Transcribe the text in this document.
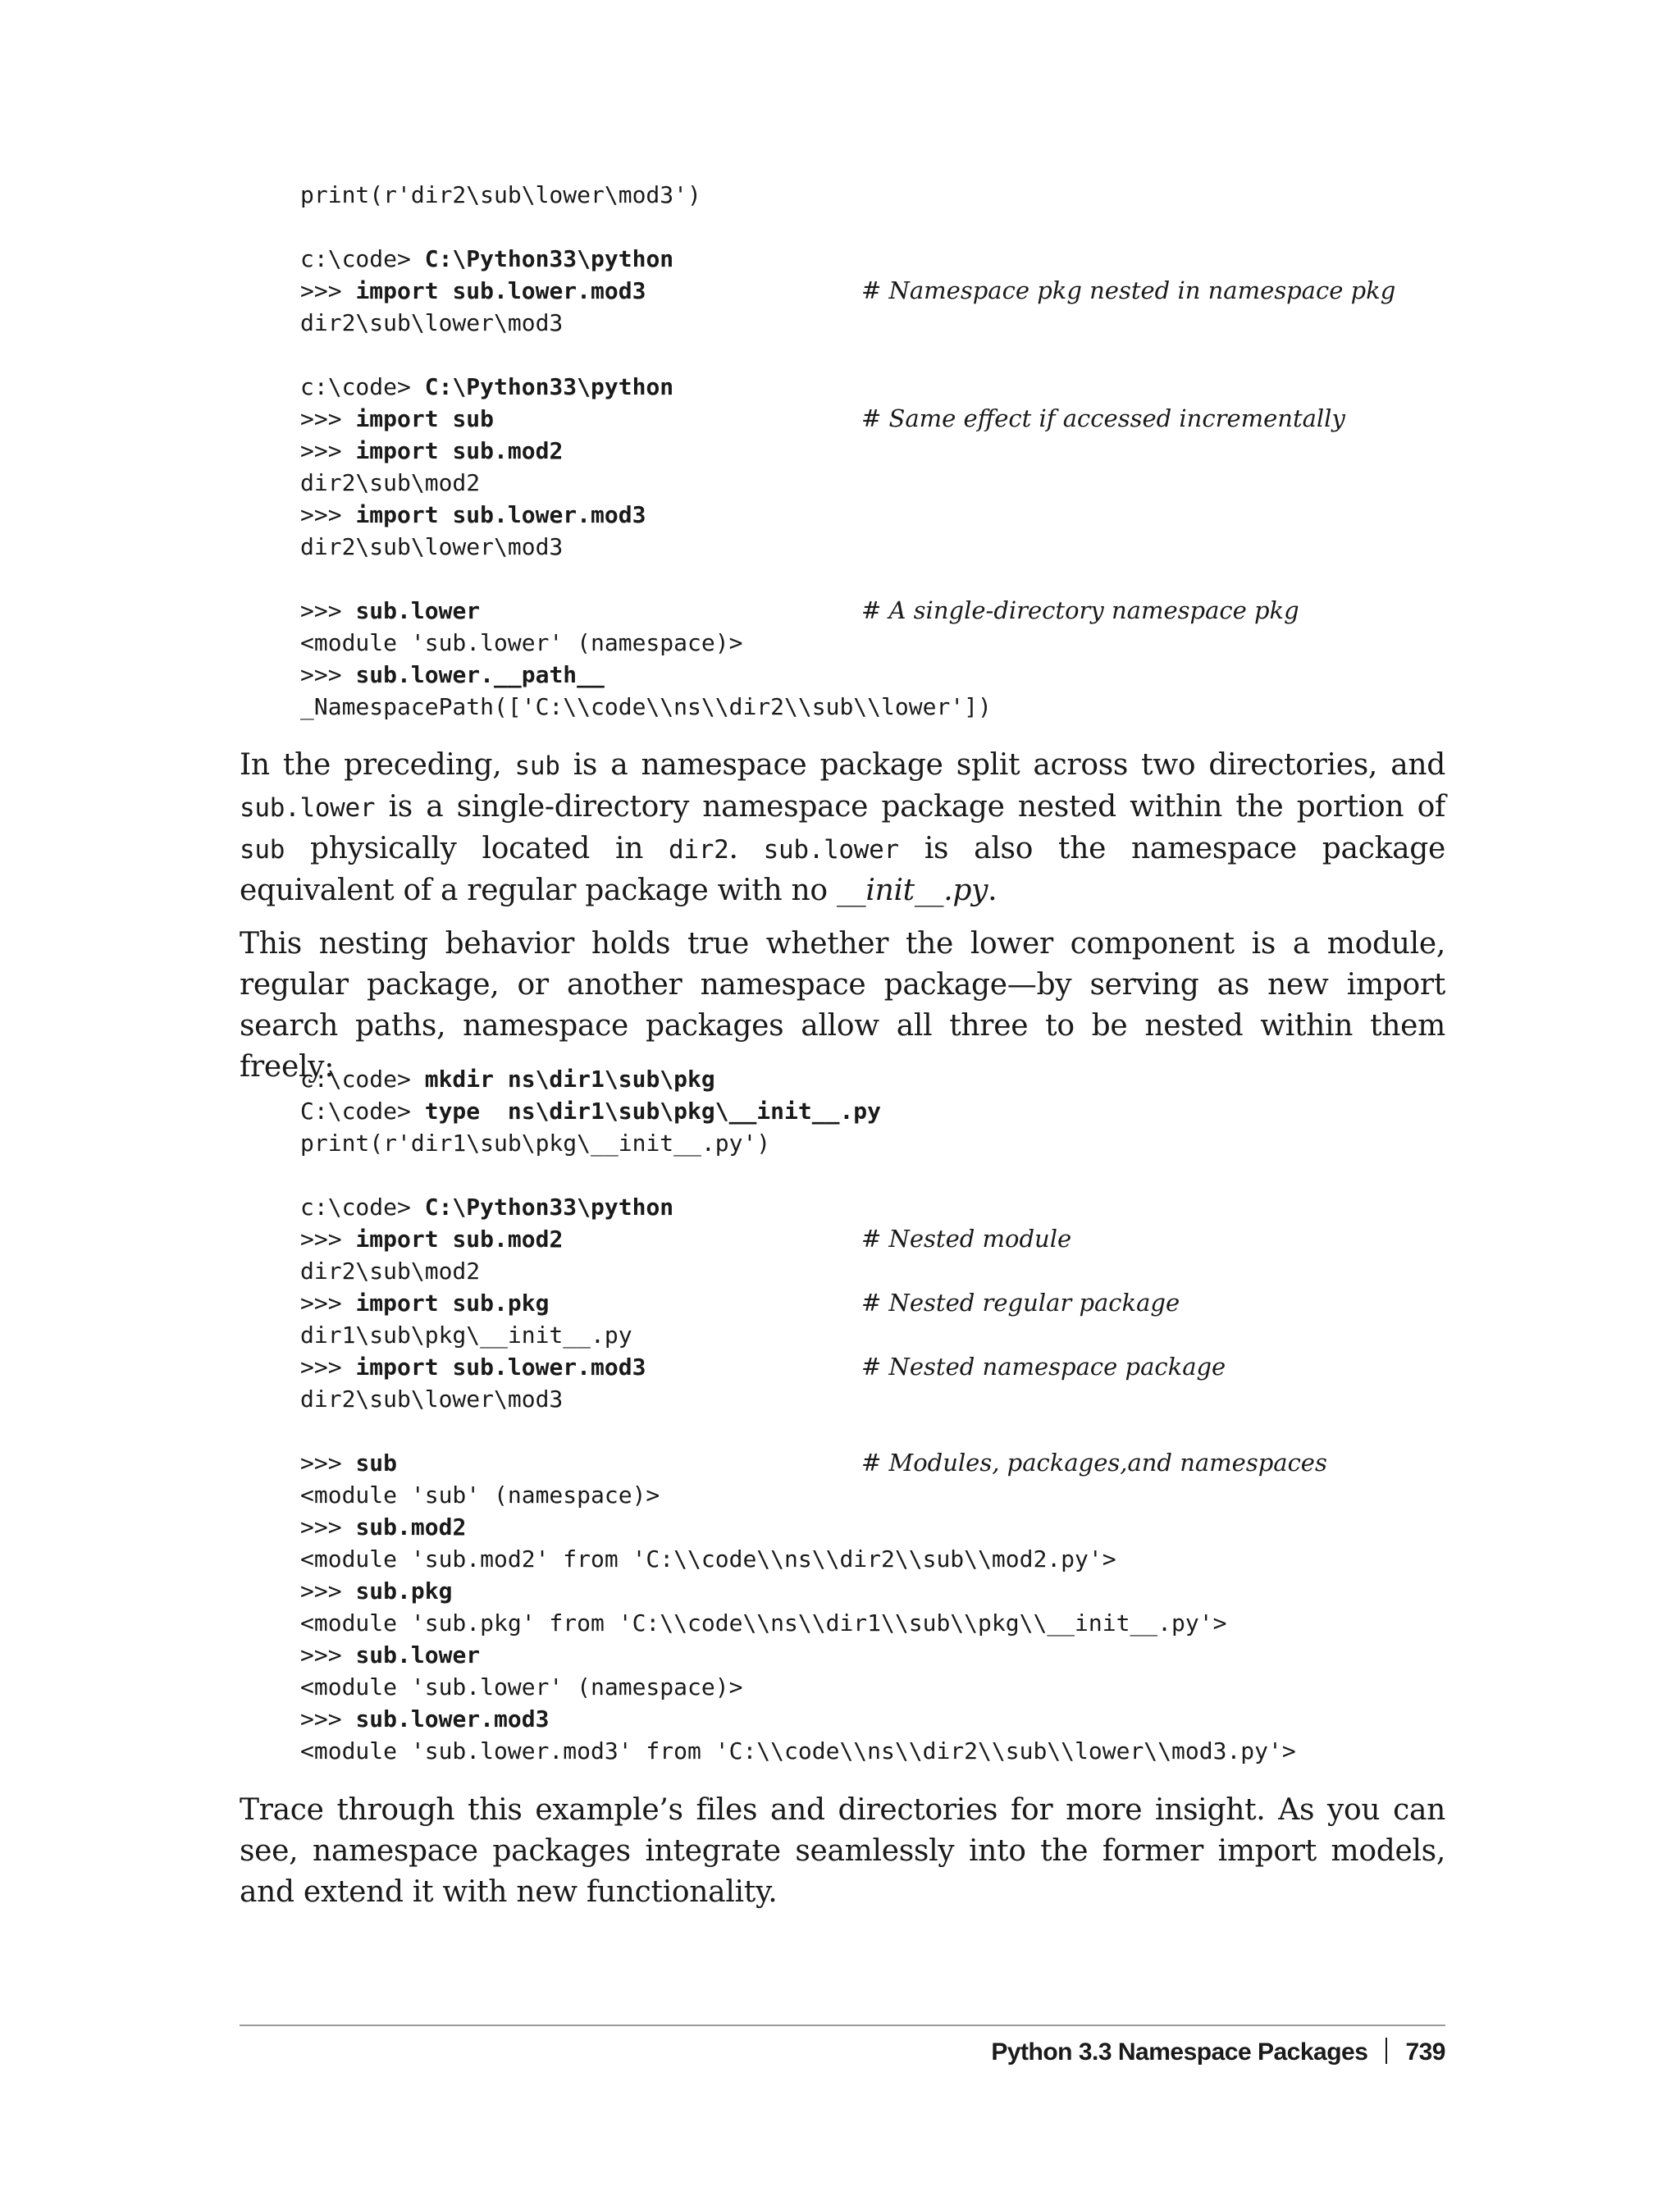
print(r'dir2\sub\lower\mod3')
c:\code> C:\Python33\python
>>> import sub.lower.mod3	# Namespace pkg nested in namespace pkg
dir2\sub\lower\mod3
c:\code> C:\Python33\python
>>> import sub	# Same effect if accessed incrementally
>>> import sub.mod2
dir2\sub\mod2
>>> import sub.lower.mod3
dir2\sub\lower\mod3
>>> sub.lower	# A single-directory namespace pkg
<module 'sub.lower' (namespace)>
>>> sub.lower.__path__
_NamespacePath(['C:\\code\\ns\\dir2\\sub\\lower'])

In the preceding, sub is a namespace package split across two directories, and sub.lower is a single-directory namespace package nested within the portion of sub physically located in dir2. sub.lower is also the namespace package equivalent of a regular package with no __init__.py.

This nesting behavior holds true whether the lower component is a module, regular package, or another namespace package—by serving as new import search paths, namespace packages allow all three to be nested within them freely:

c:\code> mkdir ns\dir1\sub\pkg
C:\code> type  ns\dir1\sub\pkg\__init__.py
print(r'dir1\sub\pkg\__init__.py')
c:\code> C:\Python33\python
>>> import sub.mod2	# Nested module
dir2\sub\mod2
>>> import sub.pkg	# Nested regular package
dir1\sub\pkg\__init__.py
>>> import sub.lower.mod3	# Nested namespace package
dir2\sub\lower\mod3
>>> sub	# Modules, packages,and namespaces
<module 'sub' (namespace)>
>>> sub.mod2
<module 'sub.mod2' from 'C:\\code\\ns\\dir2\\sub\\mod2.py'>
>>> sub.pkg
<module 'sub.pkg' from 'C:\\code\\ns\\dir1\\sub\\pkg\\__init__.py'>
>>> sub.lower
<module 'sub.lower' (namespace)>
>>> sub.lower.mod3
<module 'sub.lower.mod3' from 'C:\\code\\ns\\dir2\\sub\\lower\\mod3.py'>

Trace through this example’s files and directories for more insight. As you can see, namespace packages integrate seamlessly into the former import models, and extend it with new functionality.

Python 3.3 Namespace Packages 739
